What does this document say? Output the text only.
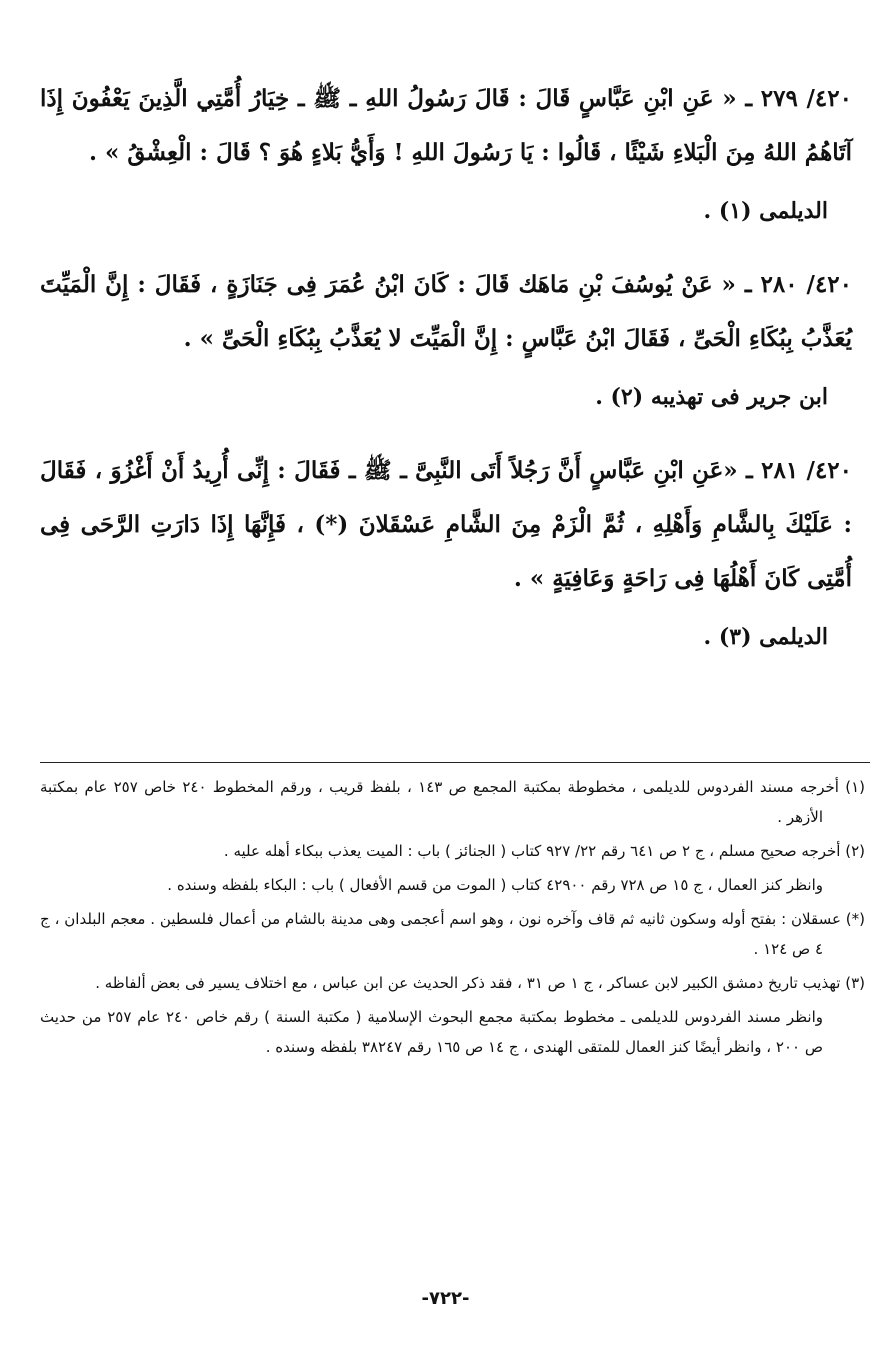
٤٢٠/ ٢٧٩ ـ « عَنِ ابْنِ عَبَّاسٍ قَالَ : قَالَ رَسُولُ اللهِ ـ ﷺ ـ خِيَارُ أُمَّتِي الَّذِينَ يَعْفُونَ إِذَا آتَاهُمُ اللهُ مِنَ الْبَلاءِ شَيْئًا ، قَالُوا : يَا رَسُولَ اللهِ ! وَأَيُّ بَلاءٍ هُوَ ؟ قَالَ : الْعِشْقُ » .

الديلمى (١) .

٤٢٠/ ٢٨٠ ـ « عَنْ يُوسُفَ بْنِ مَاهَك قَالَ : كَانَ ابْنُ عُمَرَ فِى جَنَازَةٍ ، فَقَالَ : إِنَّ الْمَيِّتَ يُعَذَّبُ بِبُكَاءِ الْحَىِّ ، فَقَالَ ابْنُ عَبَّاسٍ : إِنَّ الْمَيِّتَ لا يُعَذَّبُ بِبُكَاءِ الْحَىِّ » .

ابن جرير فى تهذيبه (٢) .

٤٢٠/ ٢٨١ ـ «عَنِ ابْنِ عَبَّاسٍ أَنَّ رَجُلاً أَتَى النَّبِىَّ ـ ﷺ ـ فَقَالَ : إِنِّى أُرِيدُ أَنْ أَغْزُوَ ، فَقَالَ : عَلَيْكَ بِالشَّامِ وَأَهْلِهِ ، ثُمَّ الْزَمْ مِنَ الشَّامِ عَسْقَلانَ (*) ، فَإِنَّهَا إِذَا دَارَتِ الرَّحَى فِى أُمَّتِى كَانَ أَهْلُهَا فِى رَاحَةٍ وَعَافِيَةٍ » .

الديلمى (٣) .

(١) أخرجه مسند الفردوس للديلمى ، مخطوطة بمكتبة المجمع ص ١٤٣ ، بلفظ قريب ، ورقم المخطوط ٢٤٠ خاص ٢٥٧ عام بمكتبة الأزهر .

(٢) أخرجه صحيح مسلم ، ج ٢ ص ٦٤١ رقم ٢٢/ ٩٢٧ كتاب ( الجنائز ) باب : الميت يعذب ببكاء أهله عليه .

وانظر كنز العمال ، ج ١٥ ص ٧٢٨ رقم ٤٢٩٠٠ كتاب ( الموت من قسم الأفعال ) باب : البكاء بلفظه وسنده .

(*) عسقلان : بفتح أوله وسكون ثانيه ثم قاف وآخره نون ، وهو اسم أعجمى وهى مدينة بالشام من أعمال فلسطين . معجم البلدان ، ج ٤ ص ١٢٤ .

(٣) تهذيب تاريخ دمشق الكبير لابن عساكر ، ج ١ ص ٣١ ، فقد ذكر الحديث عن ابن عباس ، مع اختلاف يسير فى بعض ألفاظه .

وانظر مسند الفردوس للديلمى ـ مخطوط بمكتبة مجمع البحوث الإسلامية ( مكتبة السنة ) رقم خاص ٢٤٠ عام ٢٥٧ من حديث ص ٢٠٠ ، وانظر أيضًا كنز العمال للمتقى الهندى ، ج ١٤ ص ١٦٥ رقم ٣٨٢٤٧ بلفظه وسنده .

-٧٢٢-
